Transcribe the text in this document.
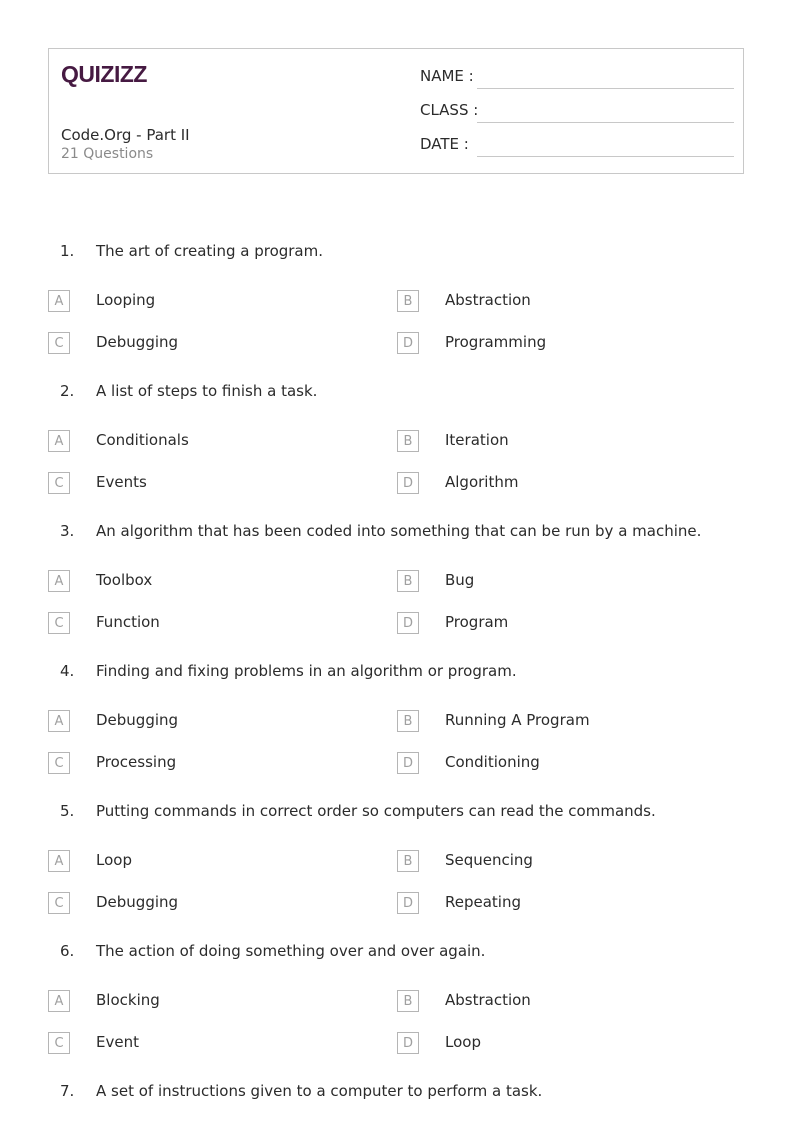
QUIZIZZ
Code.Org - Part II
21 Questions
NAME :
CLASS :
DATE :
1. The art of creating a program.
A	Looping	B	Abstraction
C	Debugging	D	Programming
2. A list of steps to finish a task.
A	Conditionals	B	Iteration
C	Events	D	Algorithm
3. An algorithm that has been coded into something that can be run by a machine.
A	Toolbox	B	Bug
C	Function	D	Program
4. Finding and fixing problems in an algorithm or program.
A	Debugging	B	Running A Program
C	Processing	D	Conditioning
5. Putting commands in correct order so computers can read the commands.
A	Loop	B	Sequencing
C	Debugging	D	Repeating
6. The action of doing something over and over again.
A	Blocking	B	Abstraction
C	Event	D	Loop
7. A set of instructions given to a computer to perform a task.
